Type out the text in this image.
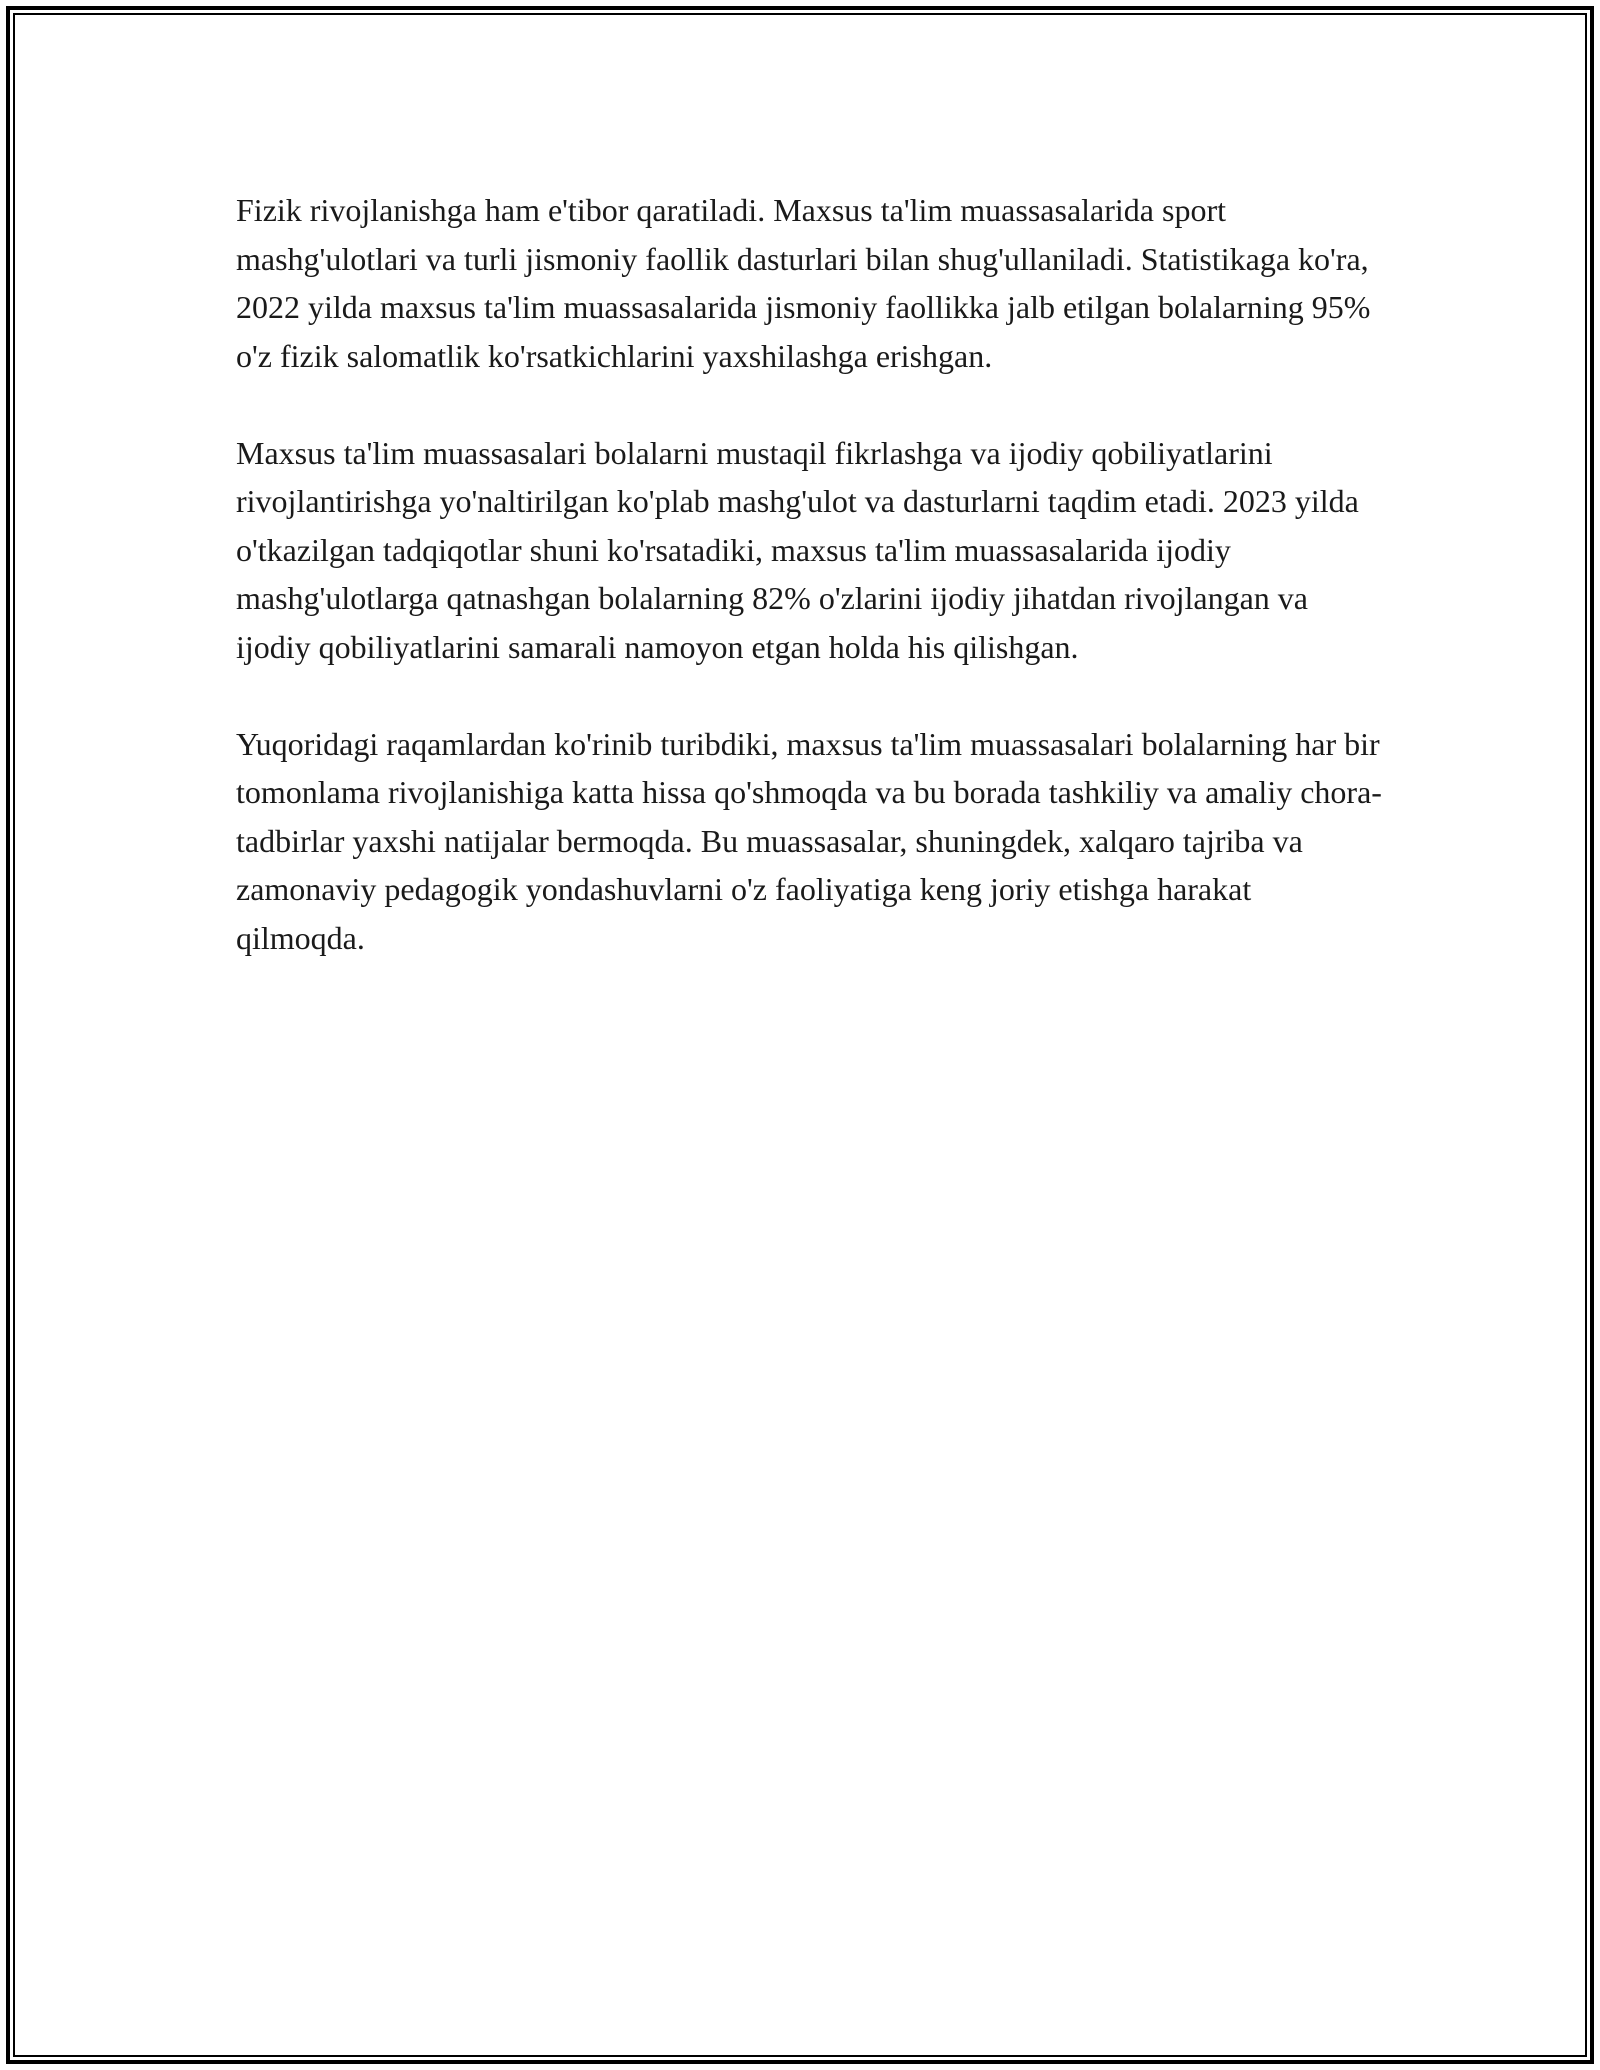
Fizik rivojlanishga ham e'tibor qaratiladi. Maxsus ta'lim muassasalarida sport mashg'ulotlari va turli jismoniy faollik dasturlari bilan shug'ullaniladi. Statistikaga ko'ra, 2022 yilda maxsus ta'lim muassasalarida jismoniy faollikka jalb etilgan bolalarning 95% o'z fizik salomatlik ko'rsatkichlarini yaxshilashga erishgan.

Maxsus ta'lim muassasalari bolalarni mustaqil fikrlashga va ijodiy qobiliyatlarini rivojlantirishga yo'naltirilgan ko'plab mashg'ulot va dasturlarni taqdim etadi. 2023 yilda o'tkazilgan tadqiqotlar shuni ko'rsatadiki, maxsus ta'lim muassasalarida ijodiy mashg'ulotlarga qatnashgan bolalarning 82% o'zlarini ijodiy jihatdan rivojlangan va ijodiy qobiliyatlarini samarali namoyon etgan holda his qilishgan.

Yuqoridagi raqamlardan ko'rinib turibdiki, maxsus ta'lim muassasalari bolalarning har bir tomonlama rivojlanishiga katta hissa qo'shmoqda va bu borada tashkiliy va amaliy chora-tadbirlar yaxshi natijalar bermoqda. Bu muassasalar, shuningdek, xalqaro tajriba va zamonaviy pedagogik yondashuvlarni o'z faoliyatiga keng joriy etishga harakat qilmoqda.
